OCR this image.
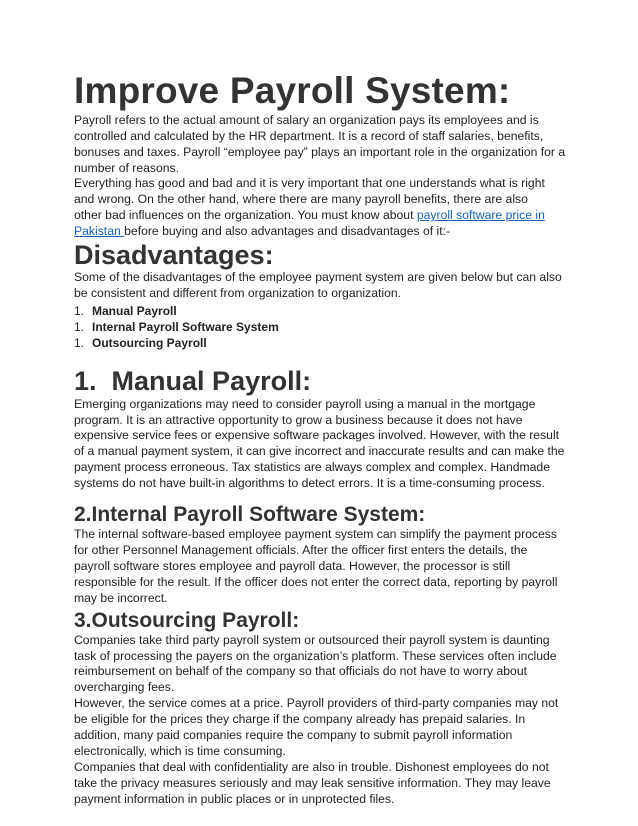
Improve Payroll System:

Payroll refers to the actual amount of salary an organization pays its employees and is controlled and calculated by the HR department. It is a record of staff salaries, benefits, bonuses and taxes. Payroll “employee pay” plays an important role in the organization for a number of reasons.

Everything has good and bad and it is very important that one understands what is right and wrong. On the other hand, where there are many payroll benefits, there are also

other bad influences on the organization. You must know about payroll software price in Pakistan before buying and also advantages and disadvantages of it:-

Disadvantages:

Some of the disadvantages of the employee payment system are given below but can also be consistent and different from organization to organization.

1. Manual Payroll
1. Internal Payroll Software System
1. Outsourcing Payroll
1. Manual Payroll:

Emerging organizations may need to consider payroll using a manual in the mortgage program. It is an attractive opportunity to grow a business because it does not have expensive service fees or expensive software packages involved. However, with the result of a manual payment system, it can give incorrect and inaccurate results and can make the payment process erroneous. Tax statistics are always complex and complex. Handmade systems do not have built-in algorithms to detect errors. It is a time-consuming process.

2.Internal Payroll Software System:

The internal software-based employee payment system can simplify the payment process for other Personnel Management officials. After the officer first enters the details, the payroll software stores employee and payroll data. However, the processor is still responsible for the result. If the officer does not enter the correct data, reporting by payroll may be incorrect.

3.Outsourcing Payroll:

Companies take third party payroll system or outsourced their payroll system is daunting task of processing the payers on the organization’s platform. These services often include reimbursement on behalf of the company so that officials do not have to worry about overcharging fees.

However, the service comes at a price. Payroll providers of third-party companies may not be eligible for the prices they charge if the company already has prepaid salaries. In addition, many paid companies require the company to submit payroll information electronically, which is time consuming.

Companies that deal with confidentiality are also in trouble. Dishonest employees do not take the privacy measures seriously and may leak sensitive information. They may leave payment information in public places or in unprotected files.
